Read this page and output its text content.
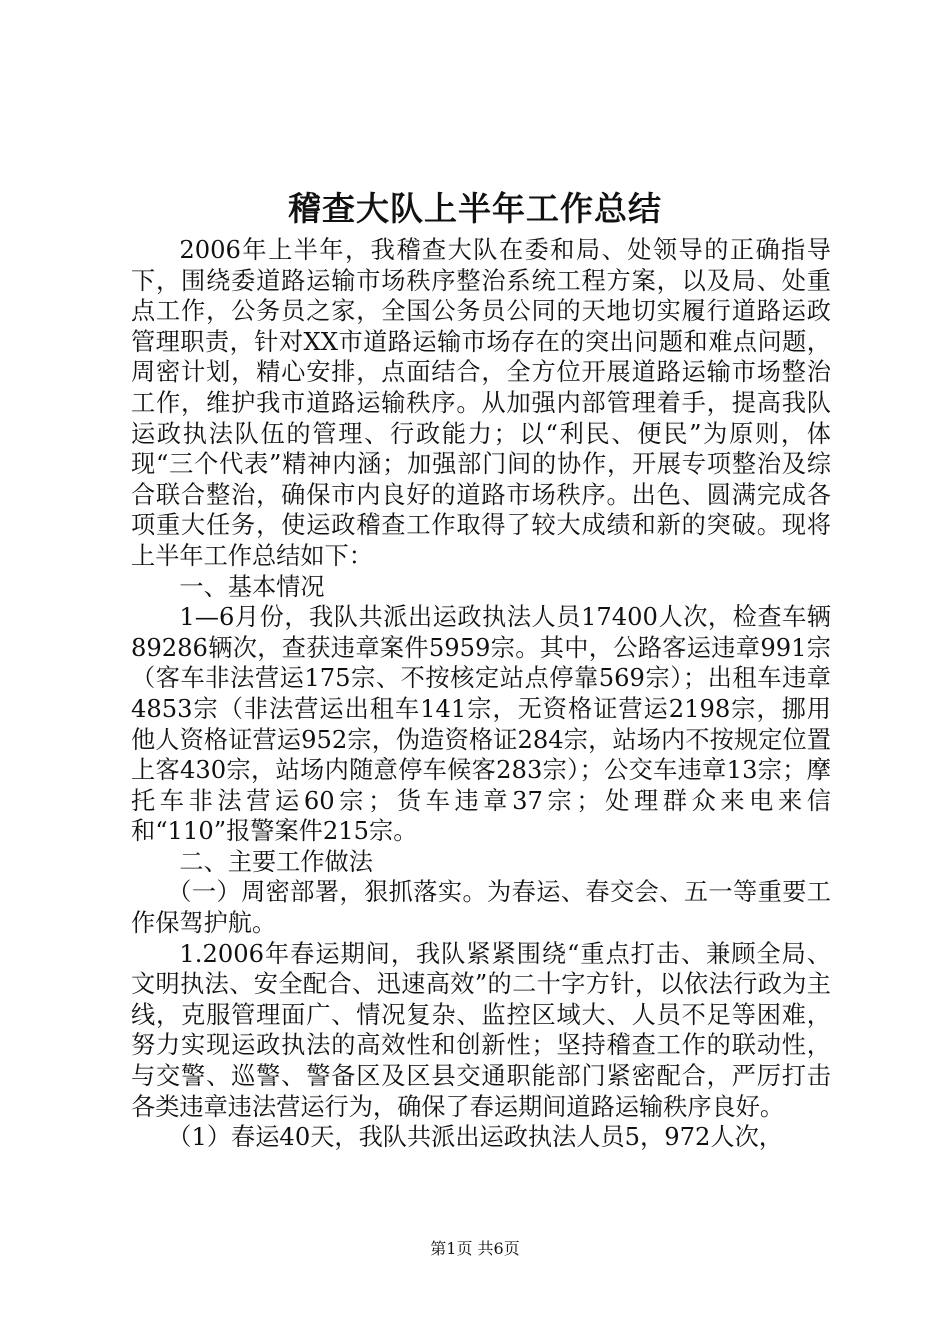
稽查大队上半年工作总结

2006年上半年，我稽查大队在委和局、处领导的正确指导下，围绕委道路运输市场秩序整治系统工程方案，以及局、处重点工作，公务员之家，全国公务员公同的天地切实履行道路运政管理职责，针对XX市道路运输市场存在的突出问题和难点问题，周密计划，精心安排，点面结合，全方位开展道路运输市场整治工作，维护我市道路运输秩序。从加强内部管理着手，提高我队运政执法队伍的管理、行政能力；以“利民、便民”为原则，体现“三个代表”精神内涵；加强部门间的协作，开展专项整治及综合联合整治，确保市内良好的道路市场秩序。出色、圆满完成各项重大任务，使运政稽查工作取得了较大成绩和新的突破。现将上半年工作总结如下：

一、基本情况

1—6月份，我队共派出运政执法人员17400人次，检查车辆89286辆次，查获违章案件5959宗。其中，公路客运违章991宗（客车非法营运175宗、不按核定站点停靠569宗）；出租车违章4853宗（非法营运出租车141宗，无资格证营运2198宗，挪用他人资格证营运952宗，伪造资格证284宗，站场内不按规定位置上客430宗，站场内随意停车候客283宗）；公交车违章13宗；摩托车非法营运60宗；货车违章37宗；处理群众来电来信和“110”报警案件215宗。

二、主要工作做法

（一）周密部署，狠抓落实。为春运、春交会、五一等重要工作保驾护航。

1.2006年春运期间，我队紧紧围绕“重点打击、兼顾全局、文明执法、安全配合、迅速高效”的二十字方针，以依法行政为主线，克服管理面广、情况复杂、监控区域大、人员不足等困难，努力实现运政执法的高效性和创新性；坚持稽查工作的联动性，与交警、巡警、警备区及区县交通职能部门紧密配合，严厉打击各类违章违法营运行为，确保了春运期间道路运输秩序良好。

（1）春运40天，我队共派出运政执法人员5，972人次，

第1页 共6页
